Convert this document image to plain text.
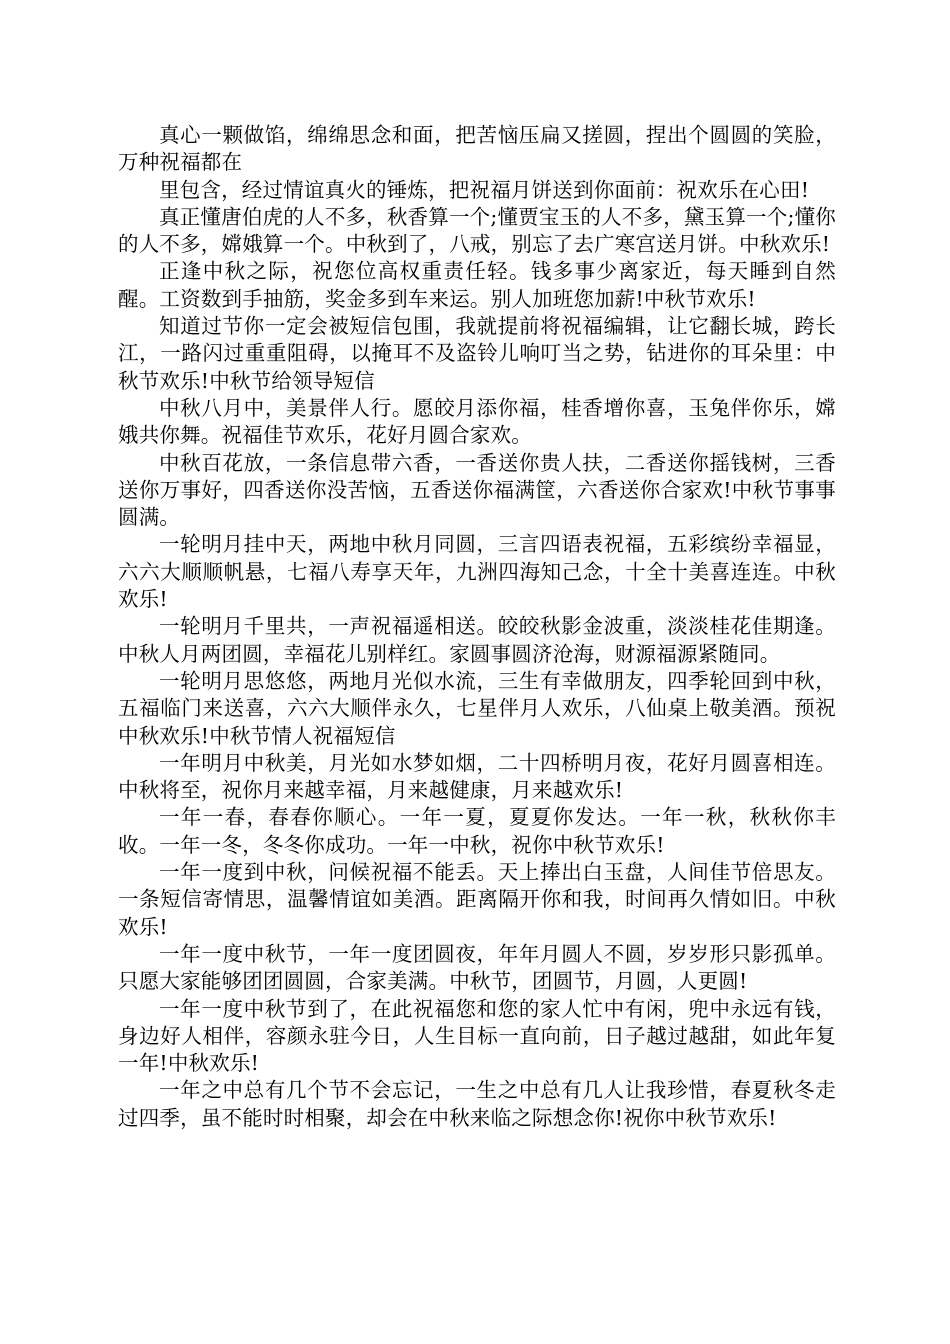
真心一颗做馅，绵绵思念和面，把苦恼压扁又搓圆，捏出个圆圆的笑脸，万种祝福都在

里包含，经过情谊真火的锤炼，把祝福月饼送到你面前：祝欢乐在心田!

真正懂唐伯虎的人不多，秋香算一个;懂贾宝玉的人不多，黛玉算一个;懂你的人不多，嫦娥算一个。中秋到了，八戒，别忘了去广寒宫送月饼。中秋欢乐!

正逢中秋之际，祝您位高权重责任轻。钱多事少离家近，每天睡到自然醒。工资数到手抽筋，奖金多到车来运。别人加班您加薪!中秋节欢乐!

知道过节你一定会被短信包围，我就提前将祝福编辑，让它翻长城，跨长江，一路闪过重重阻碍，以掩耳不及盗铃儿响叮当之势，钻进你的耳朵里：中秋节欢乐!中秋节给领导短信

中秋八月中，美景伴人行。愿皎月添你福，桂香增你喜，玉兔伴你乐，嫦娥共你舞。祝福佳节欢乐，花好月圆合家欢。

中秋百花放，一条信息带六香，一香送你贵人扶，二香送你摇钱树，三香送你万事好，四香送你没苦恼，五香送你福满筐，六香送你合家欢!中秋节事事圆满。

一轮明月挂中天，两地中秋月同圆，三言四语表祝福，五彩缤纷幸福显，六六大顺顺帆悬，七福八寿享天年，九洲四海知己念，十全十美喜连连。中秋欢乐!

一轮明月千里共，一声祝福遥相送。皎皎秋影金波重，淡淡桂花佳期逢。中秋人月两团圆，幸福花儿别样红。家圆事圆济沧海，财源福源紧随同。

一轮明月思悠悠，两地月光似水流，三生有幸做朋友，四季轮回到中秋，五福临门来送喜，六六大顺伴永久，七星伴月人欢乐，八仙桌上敬美酒。预祝中秋欢乐!中秋节情人祝福短信

一年明月中秋美，月光如水梦如烟，二十四桥明月夜，花好月圆喜相连。中秋将至，祝你月来越幸福，月来越健康，月来越欢乐!

一年一春，春春你顺心。一年一夏，夏夏你发达。一年一秋，秋秋你丰收。一年一冬，冬冬你成功。一年一中秋，祝你中秋节欢乐!

一年一度到中秋，问候祝福不能丢。天上捧出白玉盘，人间佳节倍思友。一条短信寄情思，温馨情谊如美酒。距离隔开你和我，时间再久情如旧。中秋欢乐!

一年一度中秋节，一年一度团圆夜，年年月圆人不圆，岁岁形只影孤单。只愿大家能够团团圆圆，合家美满。中秋节，团圆节，月圆，人更圆!

一年一度中秋节到了，在此祝福您和您的家人忙中有闲，兜中永远有钱，身边好人相伴，容颜永驻今日，人生目标一直向前，日子越过越甜，如此年复一年!中秋欢乐!

一年之中总有几个节不会忘记，一生之中总有几人让我珍惜，春夏秋冬走过四季，虽不能时时相聚，却会在中秋来临之际想念你!祝你中秋节欢乐!
